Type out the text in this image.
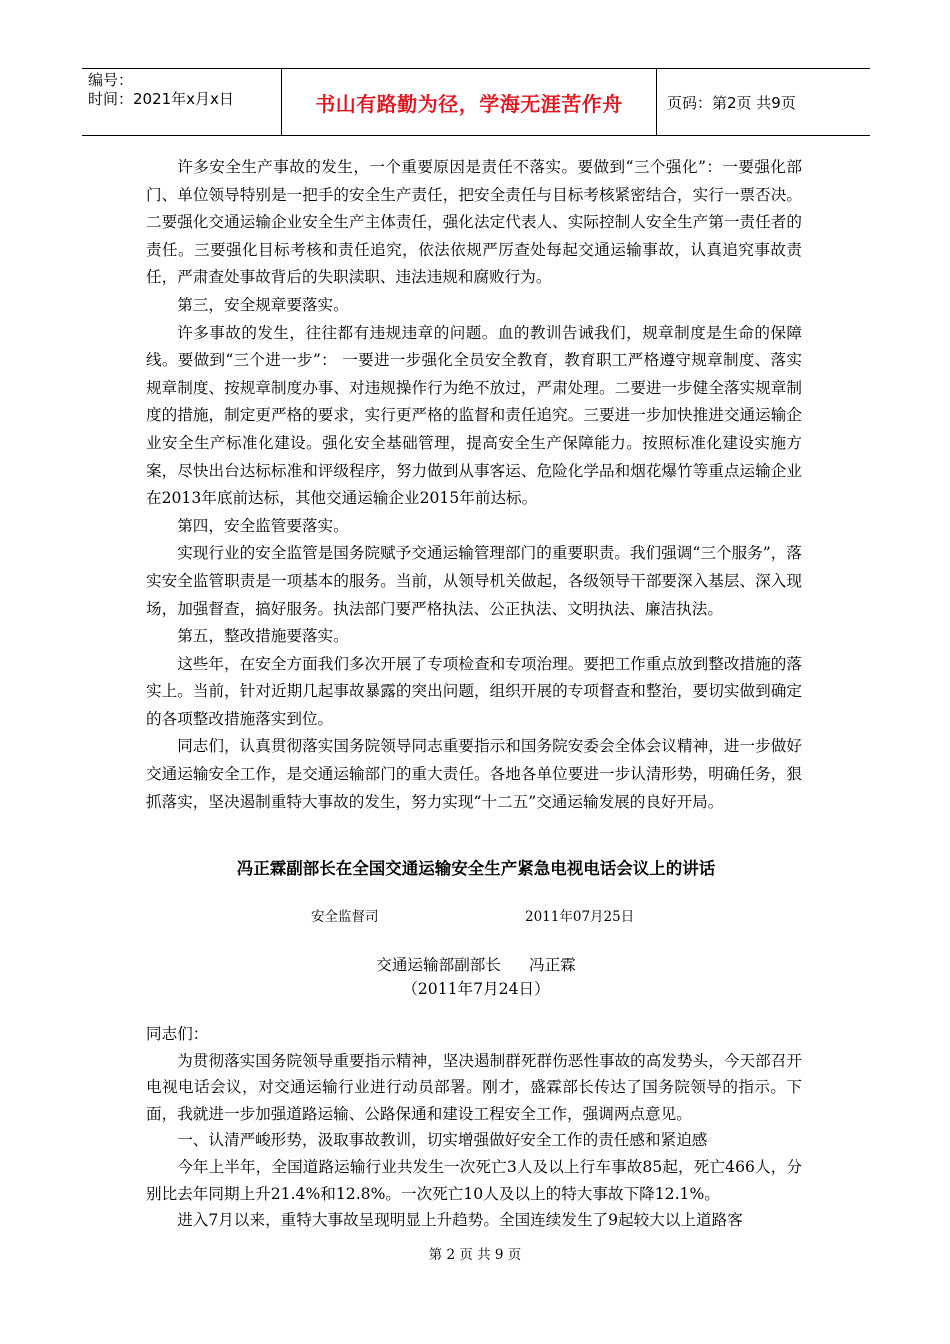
编号：
时间：2021年x月x日	书山有路勤为径，学海无涯苦作舟	页码：第2页 共9页

许多安全生产事故的发生，一个重要原因是责任不落实。要做到“三个强化”：一要强化部门、单位领导特别是一把手的安全生产责任，把安全责任与目标考核紧密结合，实行一票否决。二要强化交通运输企业安全生产主体责任，强化法定代表人、实际控制人安全生产第一责任者的责任。三要强化目标考核和责任追究，依法依规严厉查处每起交通运输事故，认真追究事故责任，严肃查处事故背后的失职渎职、违法违规和腐败行为。

第三，安全规章要落实。

许多事故的发生，往往都有违规违章的问题。血的教训告诫我们，规章制度是生命的保障线。要做到“三个进一步”： 一要进一步强化全员安全教育，教育职工严格遵守规章制度、落实规章制度、按规章制度办事、对违规操作行为绝不放过，严肃处理。二要进一步健全落实规章制度的措施，制定更严格的要求，实行更严格的监督和责任追究。三要进一步加快推进交通运输企业安全生产标准化建设。强化安全基础管理，提高安全生产保障能力。按照标准化建设实施方案，尽快出台达标标准和评级程序，努力做到从事客运、危险化学品和烟花爆竹等重点运输企业在2013年底前达标，其他交通运输企业2015年前达标。

第四，安全监管要落实。

实现行业的安全监管是国务院赋予交通运输管理部门的重要职责。我们强调“三个服务”，落实安全监管职责是一项基本的服务。当前，从领导机关做起，各级领导干部要深入基层、深入现场，加强督查，搞好服务。执法部门要严格执法、公正执法、文明执法、廉洁执法。

第五，整改措施要落实。

这些年，在安全方面我们多次开展了专项检查和专项治理。要把工作重点放到整改措施的落实上。当前，针对近期几起事故暴露的突出问题，组织开展的专项督查和整治，要切实做到确定的各项整改措施落实到位。

同志们，认真贯彻落实国务院领导同志重要指示和国务院安委会全体会议精神，进一步做好交通运输安全工作，是交通运输部门的重大责任。各地各单位要进一步认清形势，明确任务，狠抓落实，坚决遏制重特大事故的发生，努力实现“十二五”交通运输发展的良好开局。

冯正霖副部长在全国交通运输安全生产紧急电视电话会议上的讲话
安全监督司	2011年07月25日
交通运输部副部长 冯正霖
（2011年7月24日）

同志们：

为贯彻落实国务院领导重要指示精神，坚决遏制群死群伤恶性事故的高发势头，今天部召开电视电话会议，对交通运输行业进行动员部署。刚才，盛霖部长传达了国务院领导的指示。下面，我就进一步加强道路运输、公路保通和建设工程安全工作，强调两点意见。

一、认清严峻形势，汲取事故教训，切实增强做好安全工作的责任感和紧迫感

今年上半年，全国道路运输行业共发生一次死亡3人及以上行车事故85起，死亡466人，分别比去年同期上升21.4%和12.8%。一次死亡10人及以上的特大事故下降12.1%。

进入7月以来，重特大事故呈现明显上升趋势。全国连续发生了9起较大以上道路客

第 2 页 共 9 页
